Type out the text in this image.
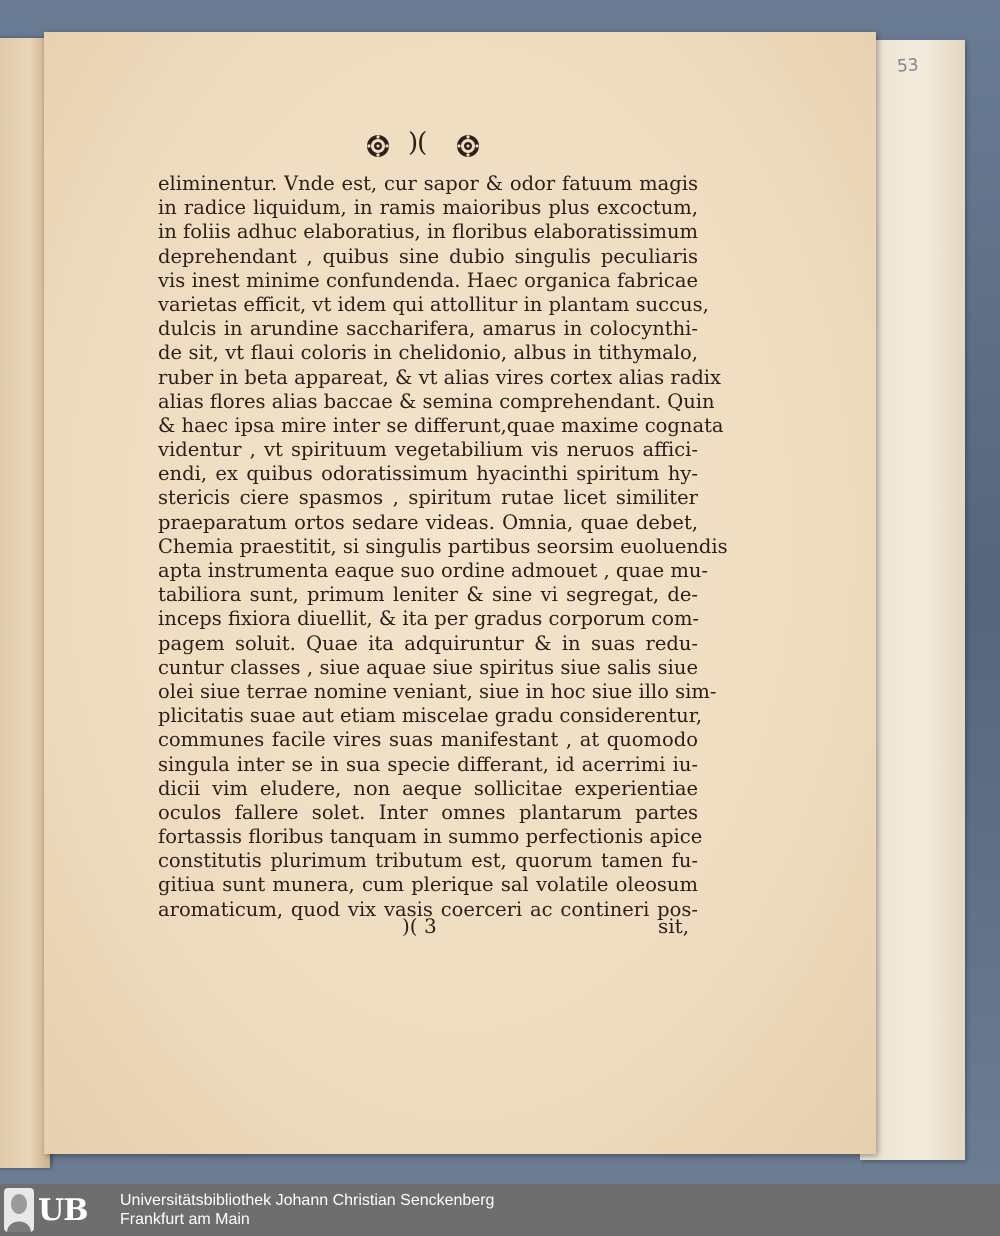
53
)(
eliminentur. Vnde est, cur sapor & odor fatuum magis
in radice liquidum, in ramis maioribus plus excoctum,
in foliis adhuc elaboratius, in floribus elaboratissimum
deprehendant , quibus sine dubio singulis peculiaris
vis inest minime confundenda. Haec organica fabricae
varietas efficit, vt idem qui attollitur in plantam succus,
dulcis in arundine saccharifera, amarus in colocynthi-
de sit, vt flaui coloris in chelidonio, albus in tithymalo,
ruber in beta appareat, & vt alias vires cortex alias radix
alias flores alias baccae & semina comprehendant. Quin
& haec ipsa mire inter se differunt,quae maxime cognata
videntur , vt spirituum vegetabilium vis neruos affici-
endi, ex quibus odoratissimum hyacinthi spiritum hy-
stericis ciere spasmos , spiritum rutae licet similiter
praeparatum ortos sedare videas. Omnia, quae debet,
Chemia praestitit, si singulis partibus seorsim euoluendis
apta instrumenta eaque suo ordine admouet , quae mu-
tabiliora sunt, primum leniter & sine vi segregat, de-
inceps fixiora diuellit, & ita per gradus corporum com-
pagem soluit. Quae ita adquiruntur & in suas redu-
cuntur classes , siue aquae siue spiritus siue salis siue
olei siue terrae nomine veniant, siue in hoc siue illo sim-
plicitatis suae aut etiam miscelae gradu considerentur,
communes facile vires suas manifestant , at quomodo
singula inter se in sua specie differant, id acerrimi iu-
dicii vim eludere, non aeque sollicitae experientiae
oculos fallere solet. Inter omnes plantarum partes
fortassis floribus tanquam in summo perfectionis apice
constitutis plurimum tributum est, quorum tamen fu-
gitiua sunt munera, cum plerique sal volatile oleosum
aromaticum, quod vix vasis coerceri ac contineri pos-
)( 3	sit,
UB Universitätsbibliothek Johann Christian Senckenberg
Frankfurt am Main
